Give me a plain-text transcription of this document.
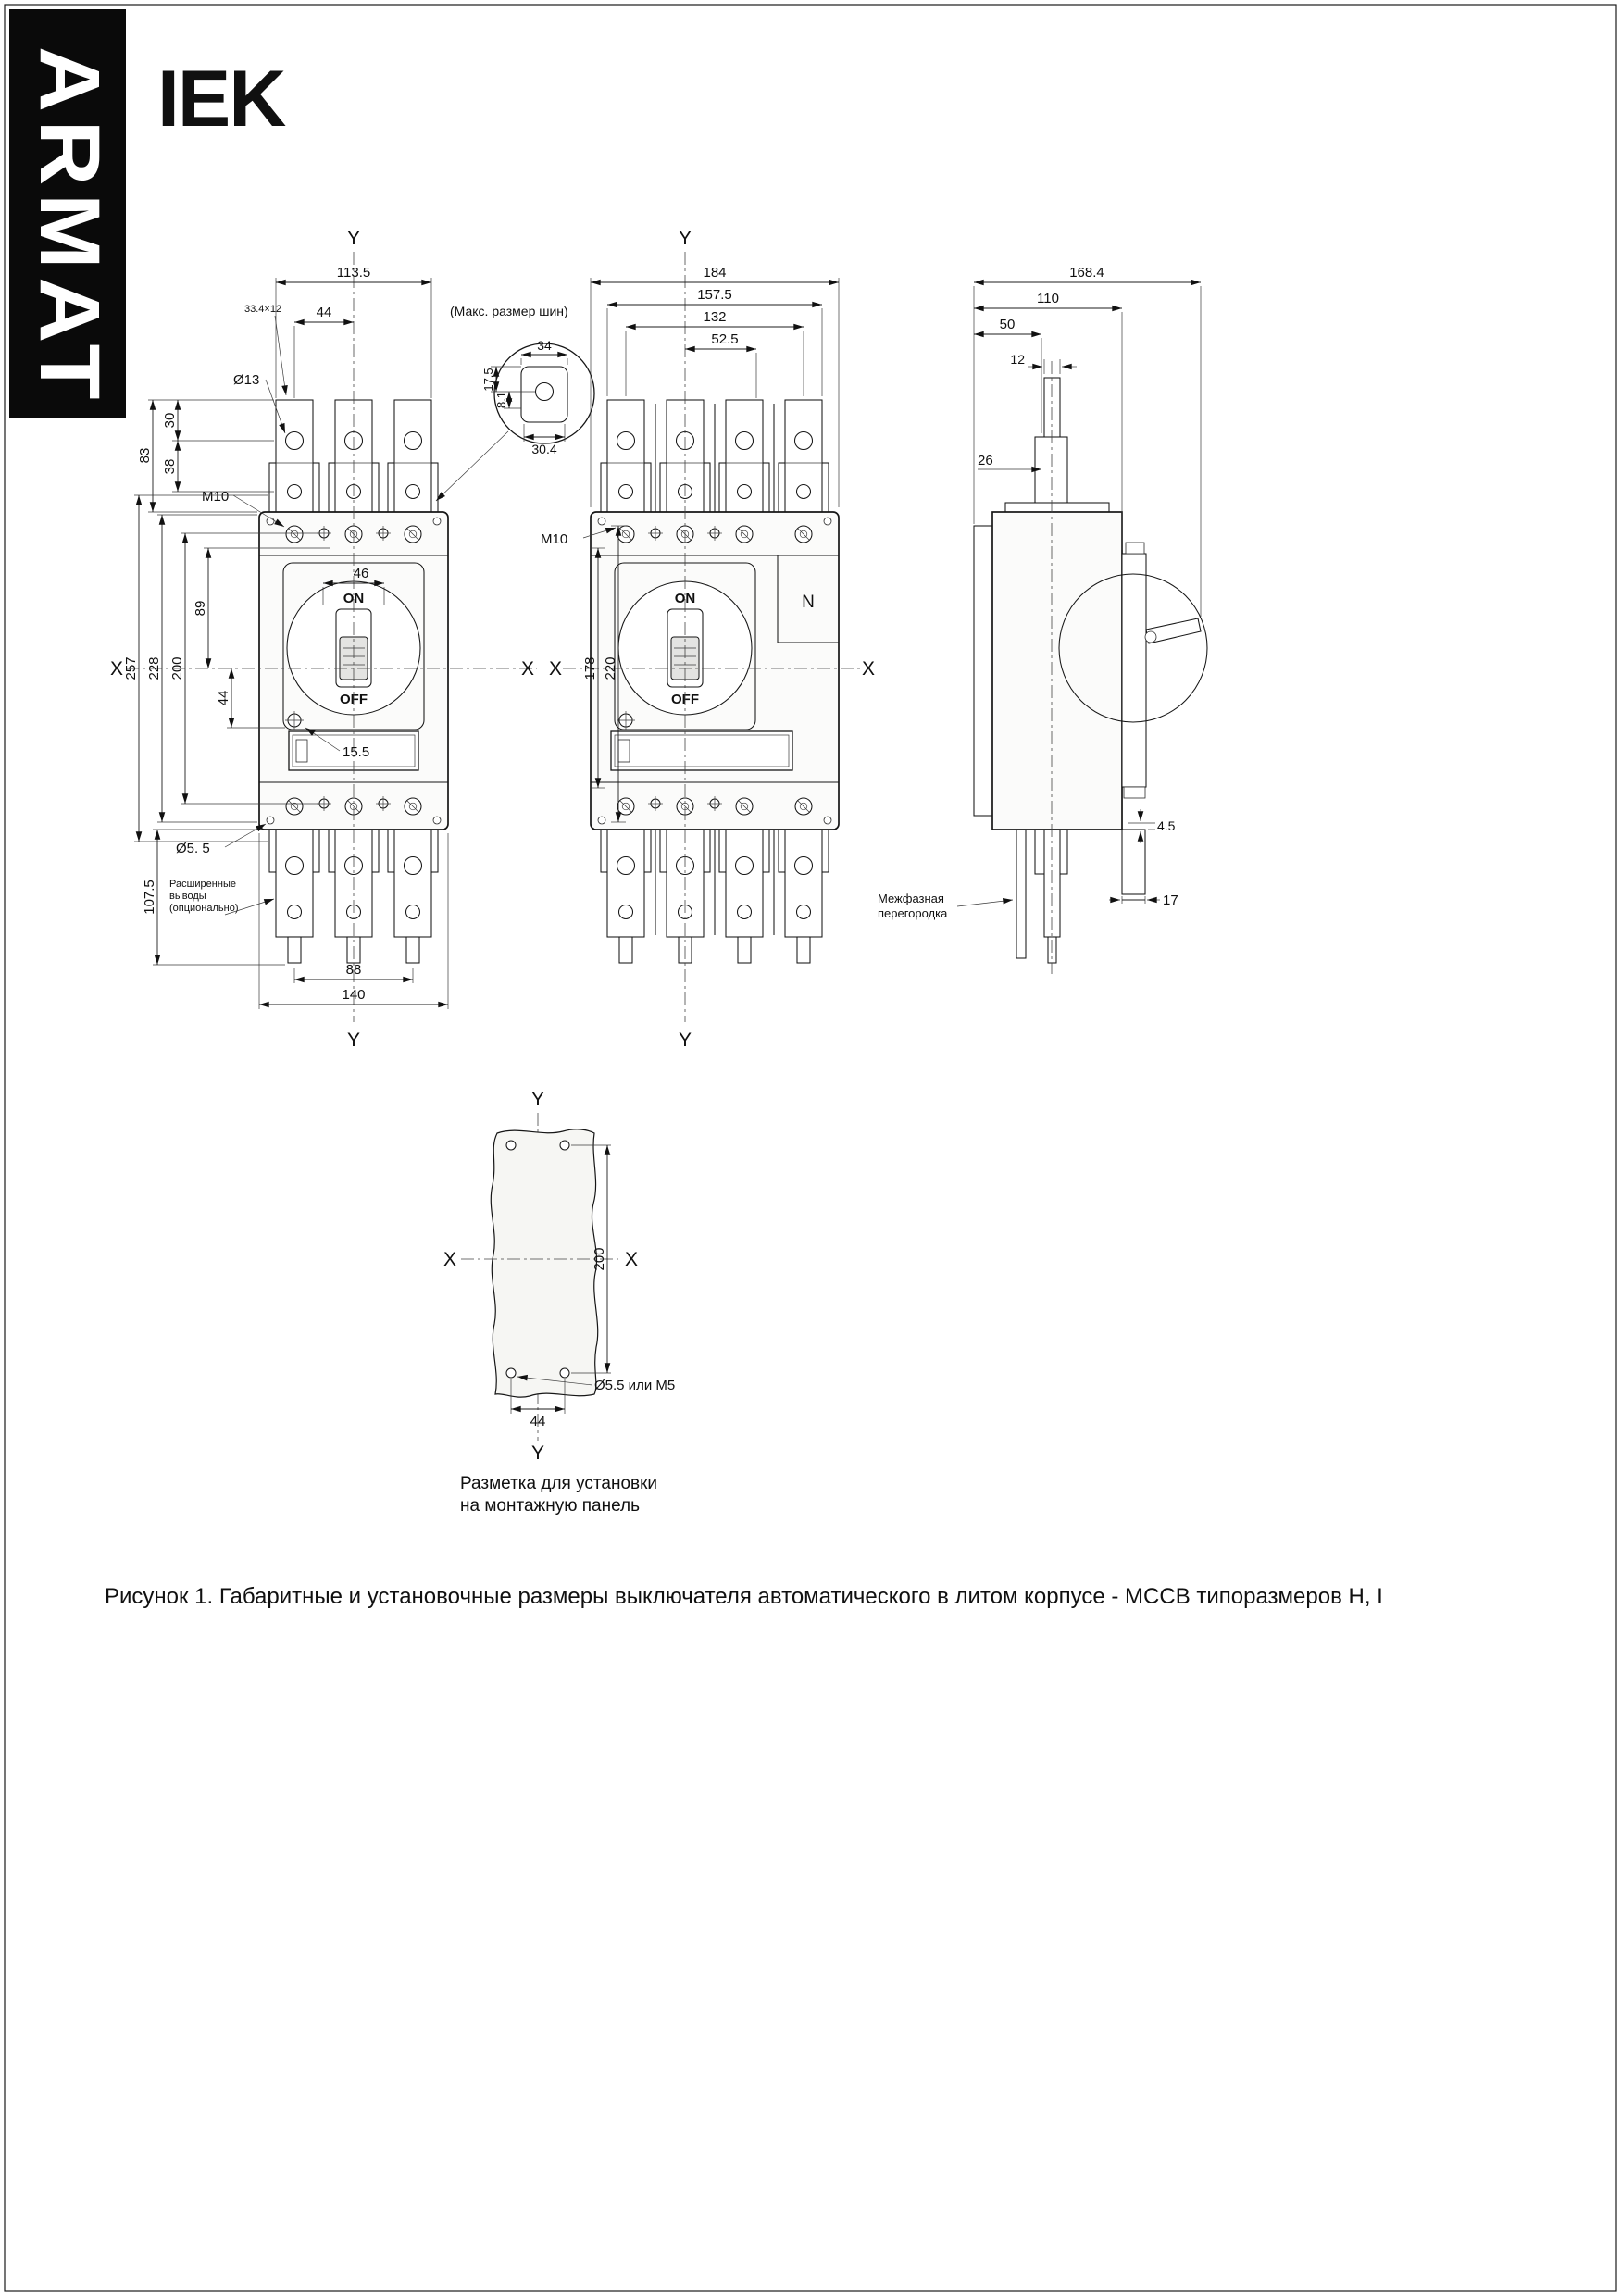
ARMAT IEK
ON
OFF
Y
Y
X	X
113.5
44
33.4×12
Ø13
83
30
38
M10
257 228 200
89
44
46
15.5
Ø5. 5
107.5 Расширенные
выводы
(опционально)
88
140
(Макс. размер шин)
34
17.5
8.1
30.4
ON
OFF
N
Y
Y
X	X
184
157.5
132
52.5
M10
178 220
Межфазная
перегородка
168.4
110
50
12
26
4.5
17
Y
X	X
200
Ø5.5 или М5
44
Y
Разметка для установки
на монтажную панель
Рисунок 1. Габаритные и установочные размеры выключателя автоматического в литом корпусе - MCCB типоразмеров H, I
